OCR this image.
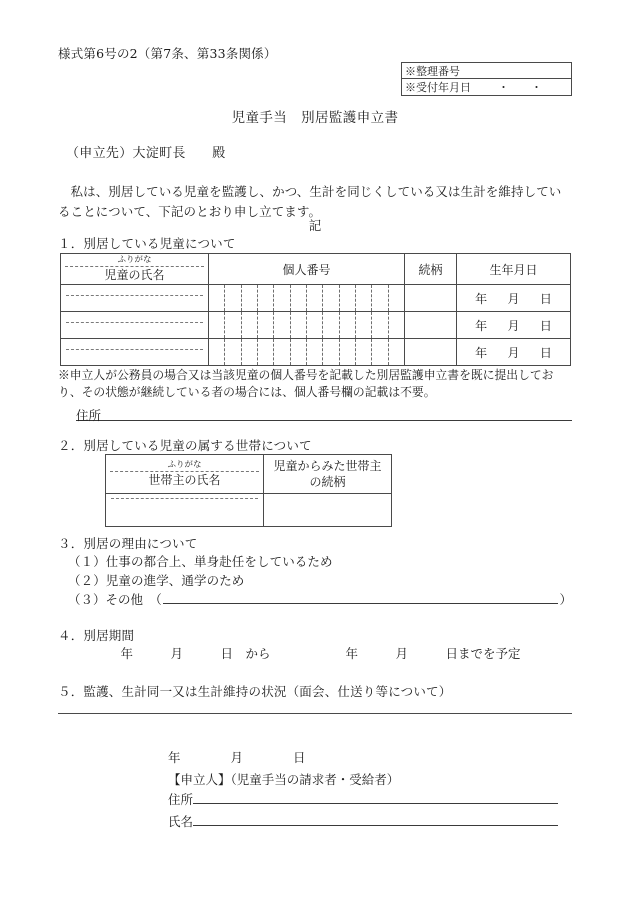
様式第6号の2（第7条、第33条関係）
※整理番号
※受付年月日 ・ ・
児童手当　別居監護申立書
（申立先）大淀町長　　殿
私は、別居している児童を監護し、かつ、生計を同じくしている又は生計を維持していることについて、下記のとおり申し立てます。
記
１．別居している児童について
ふりがな
児童の氏名	個人番号	続柄	生年月日

			年 月 日

			年 月 日

			年 月 日
※申立人が公務員の場合又は当該児童の個人番号を記載した別居監護申立書を既に提出しており、その状態が継続している者の場合には、個人番号欄の記載は不要。
住所
２．別居している児童の属する世帯について
ふりがな
世帯主の氏名	児童からみた世帯主
の続柄

３．別居の理由について
（１）仕事の都合上、単身赴任をしているため
（２）児童の進学、通学のため
（３）その他　（	）
４．別居期間
　　　　　年　　　月　　　日　から　　　　　　年　　　月　　　日までを予定
５．監護、生計同一又は生計維持の状況（面会、仕送り等について）
年　　　　月　　　　日
【申立人】（児童手当の請求者・受給者）
住所
氏名
